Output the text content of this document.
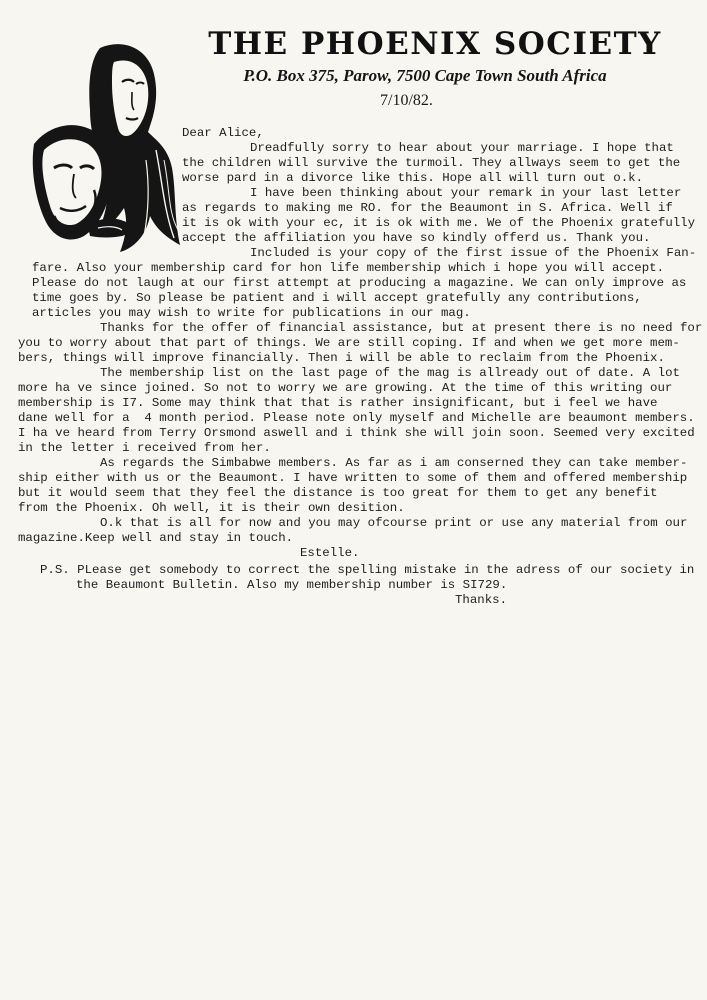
THE PHOENIX SOCIETY
P.O. Box 375, Parow, 7500 Cape Town South Africa
7/10/82.
Dear Alice,
Dreadfully sorry to hear about your marriage. I hope that
the children will survive the turmoil. They allways seem to get the
worse pard in a divorce like this. Hope all will turn out o.k.
I have been thinking about your remark in your last letter
as regards to making me RO. for the Beaumont in S. Africa. Well if
it is ok with your ec, it is ok with me. We of the Phoenix gratefully
accept the affiliation you have so kindly offerd us. Thank you.
Included is your copy of the first issue of the Phoenix Fan-
fare. Also your membership card for hon life membership which i hope you will accept.
Please do not laugh at our first attempt at producing a magazine. We can only improve as
time goes by. So please be patient and i will accept gratefully any contributions,
articles you may wish to write for publications in our mag.
Thanks for the offer of financial assistance, but at present there is no need for
you to worry about that part of things. We are still coping. If and when we get more mem-
bers, things will improve financially. Then i will be able to reclaim from the Phoenix.
The membership list on the last page of the mag is allready out of date. A lot
more ha ve since joined. So not to worry we are growing. At the time of this writing our
membership is I7. Some may think that that is rather insignificant, but i feel we have
dane well for a  4 month period. Please note only myself and Michelle are beaumont members.
I ha ve heard from Terry Orsmond aswell and i think she will join soon. Seemed very excited
in the letter i received from her.
As regards the Simbabwe members. As far as i am conserned they can take member-
ship either with us or the Beaumont. I have written to some of them and offered membership
but it would seem that they feel the distance is too great for them to get any benefit
from the Phoenix. Oh well, it is their own desition.
O.k that is all for now and you may ofcourse print or use any material from our
magazine.Keep well and stay in touch.
Estelle.
P.S. PLease get somebody to correct the spelling mistake in the adress of our society in
the Beaumont Bulletin. Also my membership number is SI729.
Thanks.
